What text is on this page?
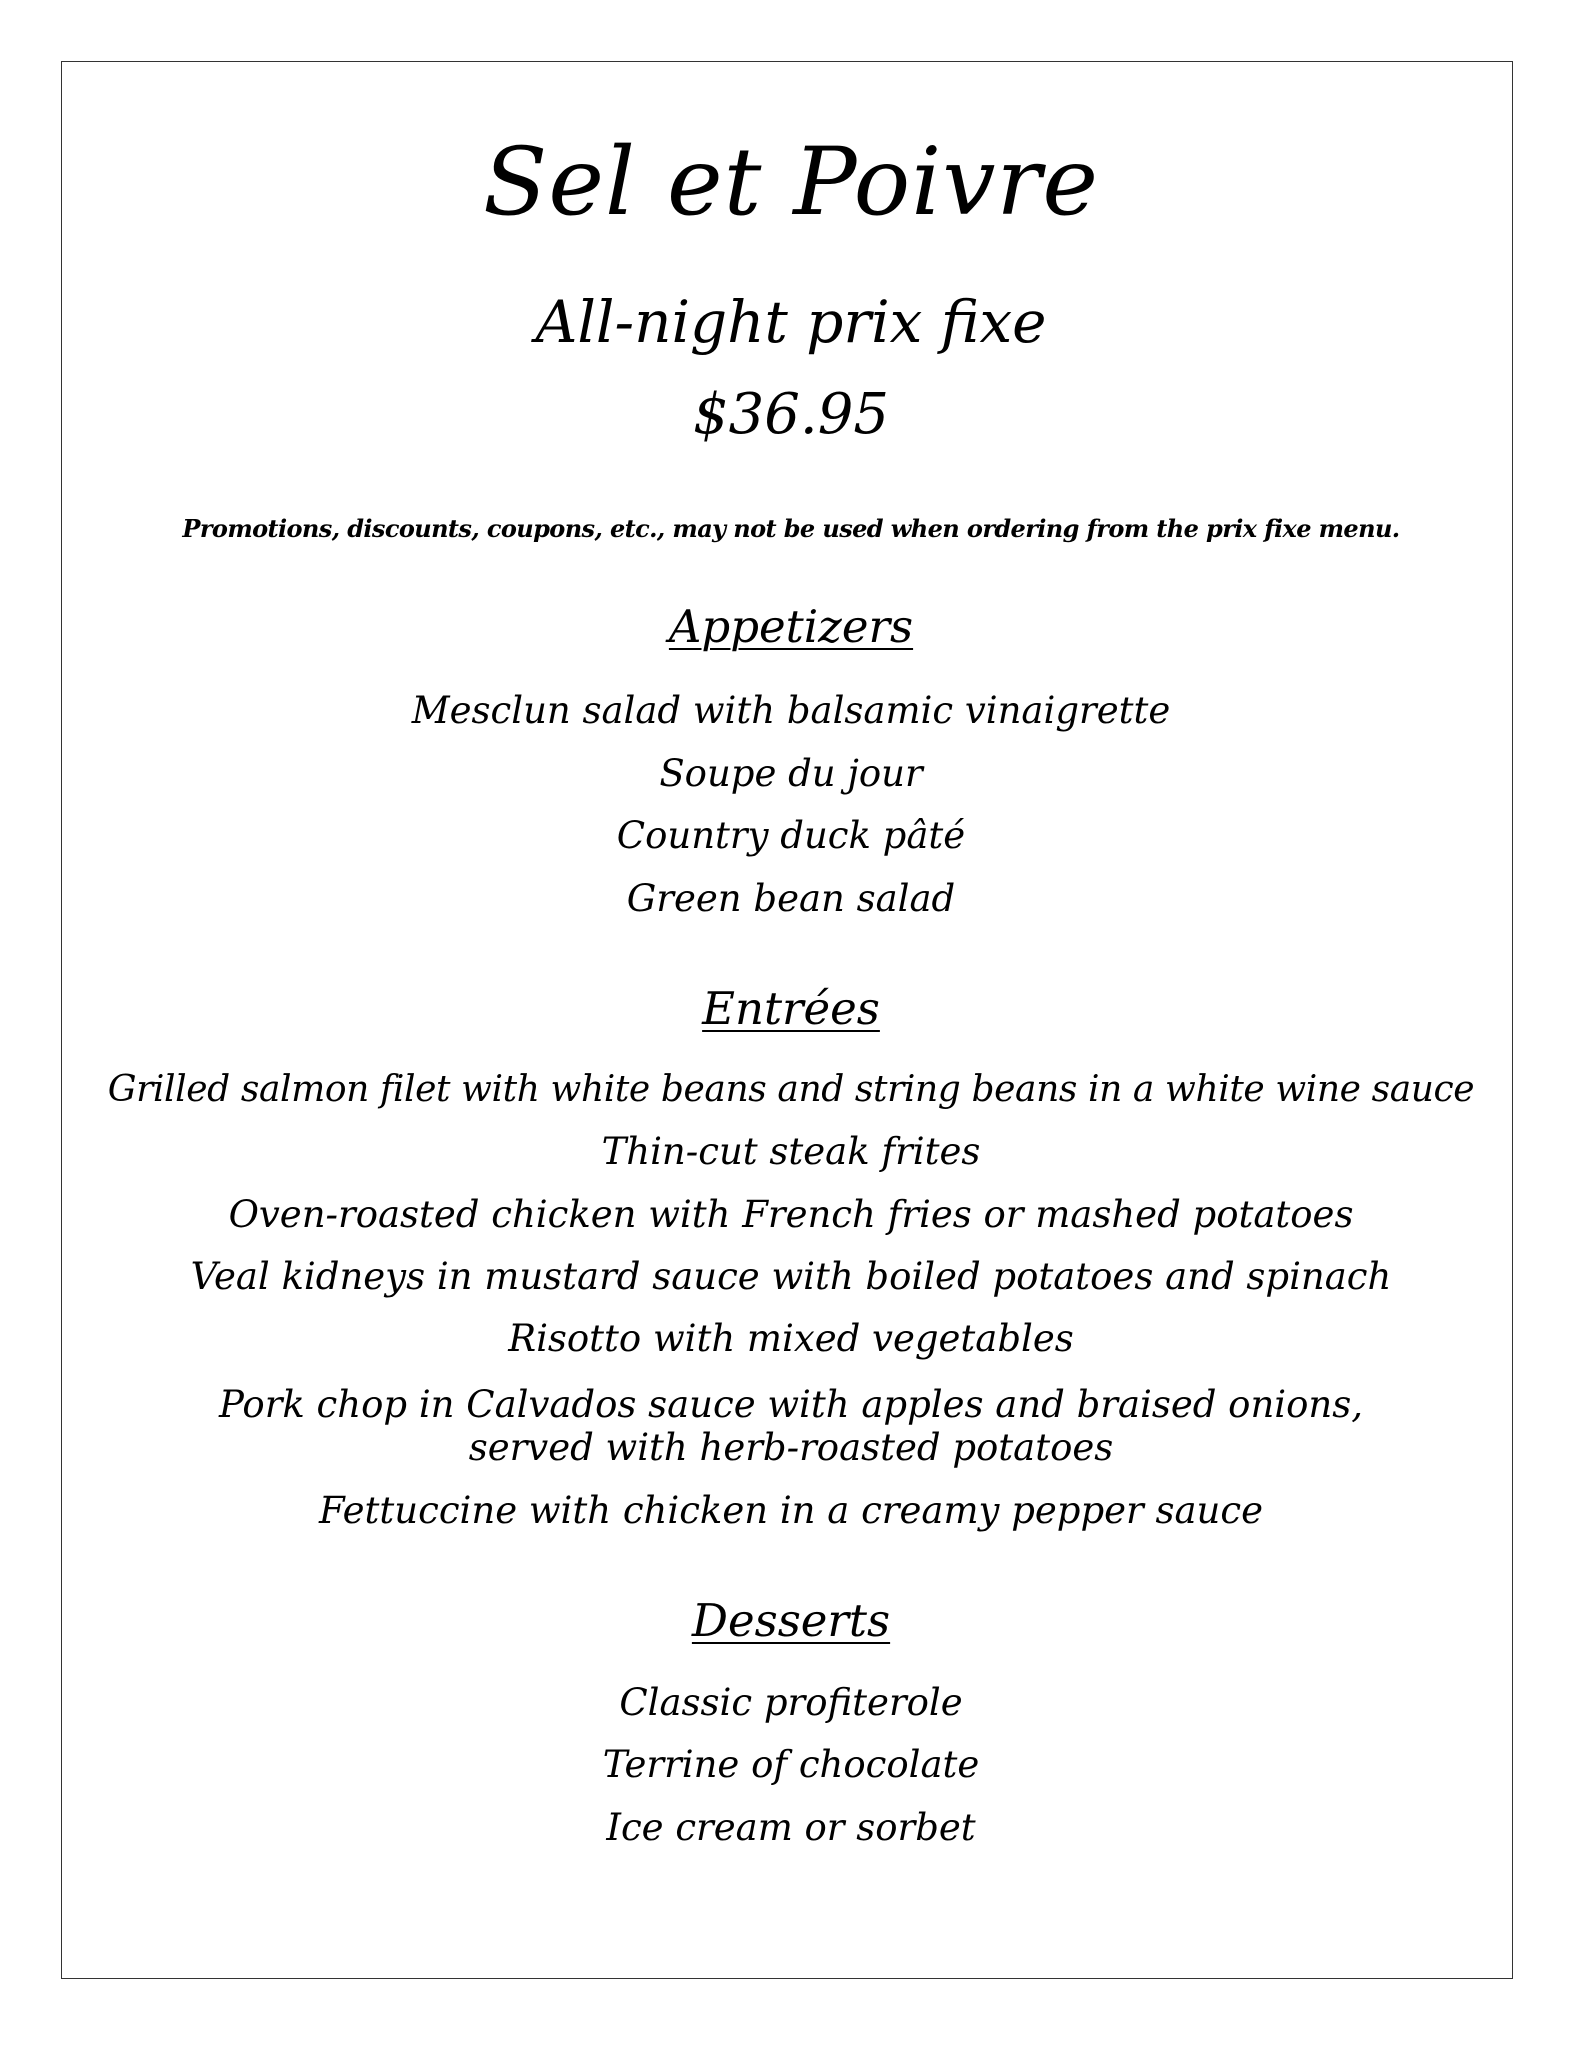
Sel et Poivre
All-night prix fixe
$36.95
Promotions, discounts, coupons, etc., may not be used when ordering from the prix fixe menu.
Appetizers
Mesclun salad with balsamic vinaigrette
Soupe du jour
Country duck pâté
Green bean salad
Entrées
Grilled salmon filet with white beans and string beans in a white wine sauce
Thin-cut steak frites
Oven-roasted chicken with French fries or mashed potatoes
Veal kidneys in mustard sauce with boiled potatoes and spinach
Risotto with mixed vegetables
Pork chop in Calvados sauce with apples and braised onions,
served with herb-roasted potatoes
Fettuccine with chicken in a creamy pepper sauce
Desserts
Classic profiterole
Terrine of chocolate
Ice cream or sorbet
